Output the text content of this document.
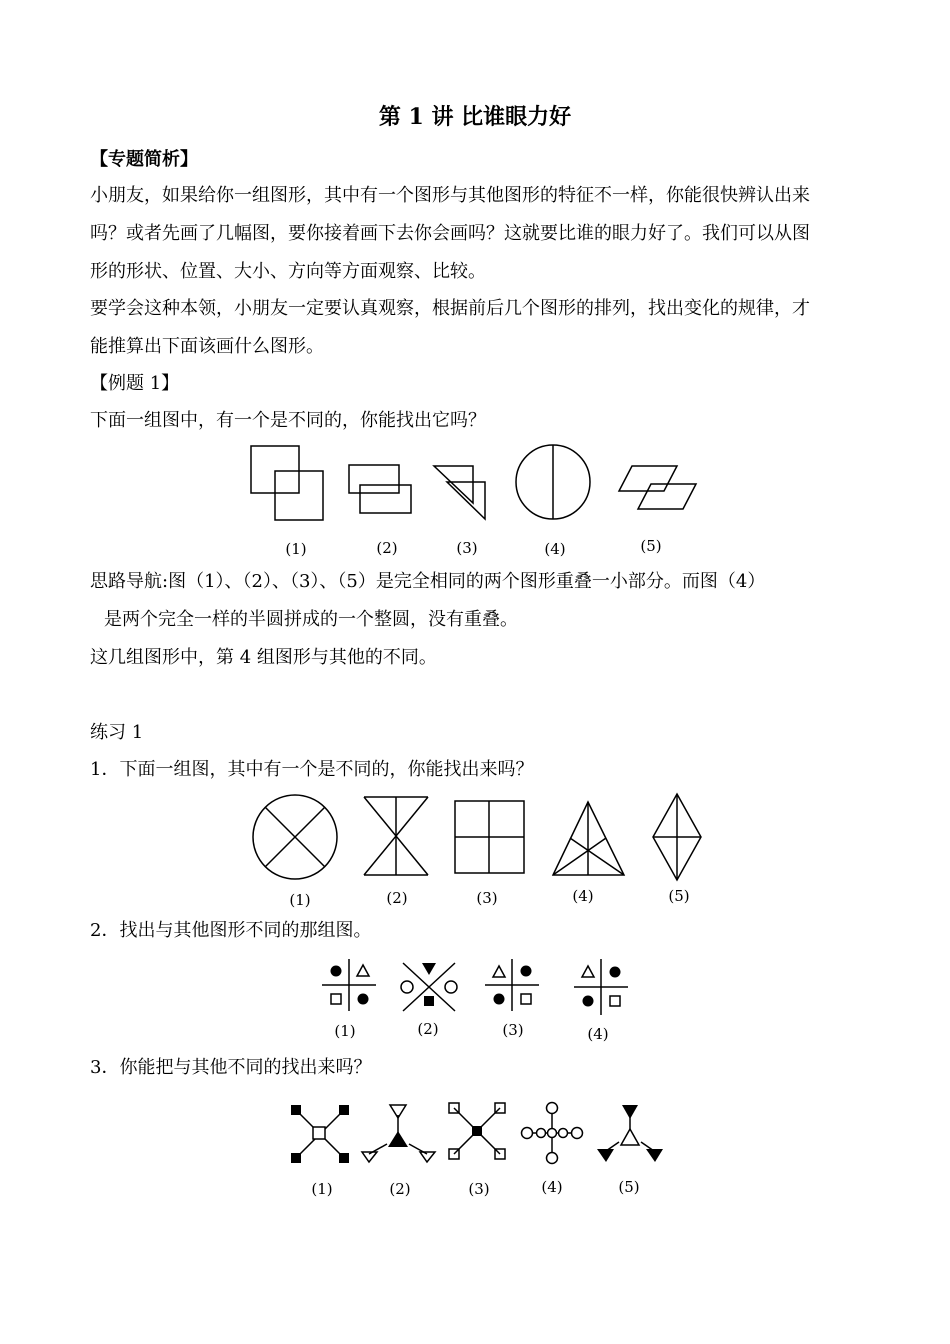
第 1 讲 比谁眼力好

【专题简析】

小朋友，如果给你一组图形，其中有一个图形与其他图形的特征不一样，你能很快辨认出来

吗？或者先画了几幅图，要你接着画下去你会画吗？这就要比谁的眼力好了。我们可以从图

形的形状、位置、大小、方向等方面观察、比较。

要学会这种本领，小朋友一定要认真观察，根据前后几个图形的排列，找出变化的规律，才

能推算出下面该画什么图形。

【例题 1】

下面一组图中，有一个是不同的，你能找出它吗？

思路导航:图（1）、（2）、（3）、（5）是完全相同的两个图形重叠一小部分。而图（4）

是两个完全一样的半圆拼成的一个整圆，没有重叠。

这几组图形中，第 4 组图形与其他的不同。

练习 1

1．下面一组图，其中有一个是不同的，你能找出来吗？

2．找出与其他图形不同的那组图。

3．你能把与其他不同的找出来吗？

(1)	(2)	(3)	(4)	(5)
(1)	(2)	(3)	(4)	(5)
(1)	(2)	(3)	(4)
(1)	(2)	(3)	(4)	(5)
